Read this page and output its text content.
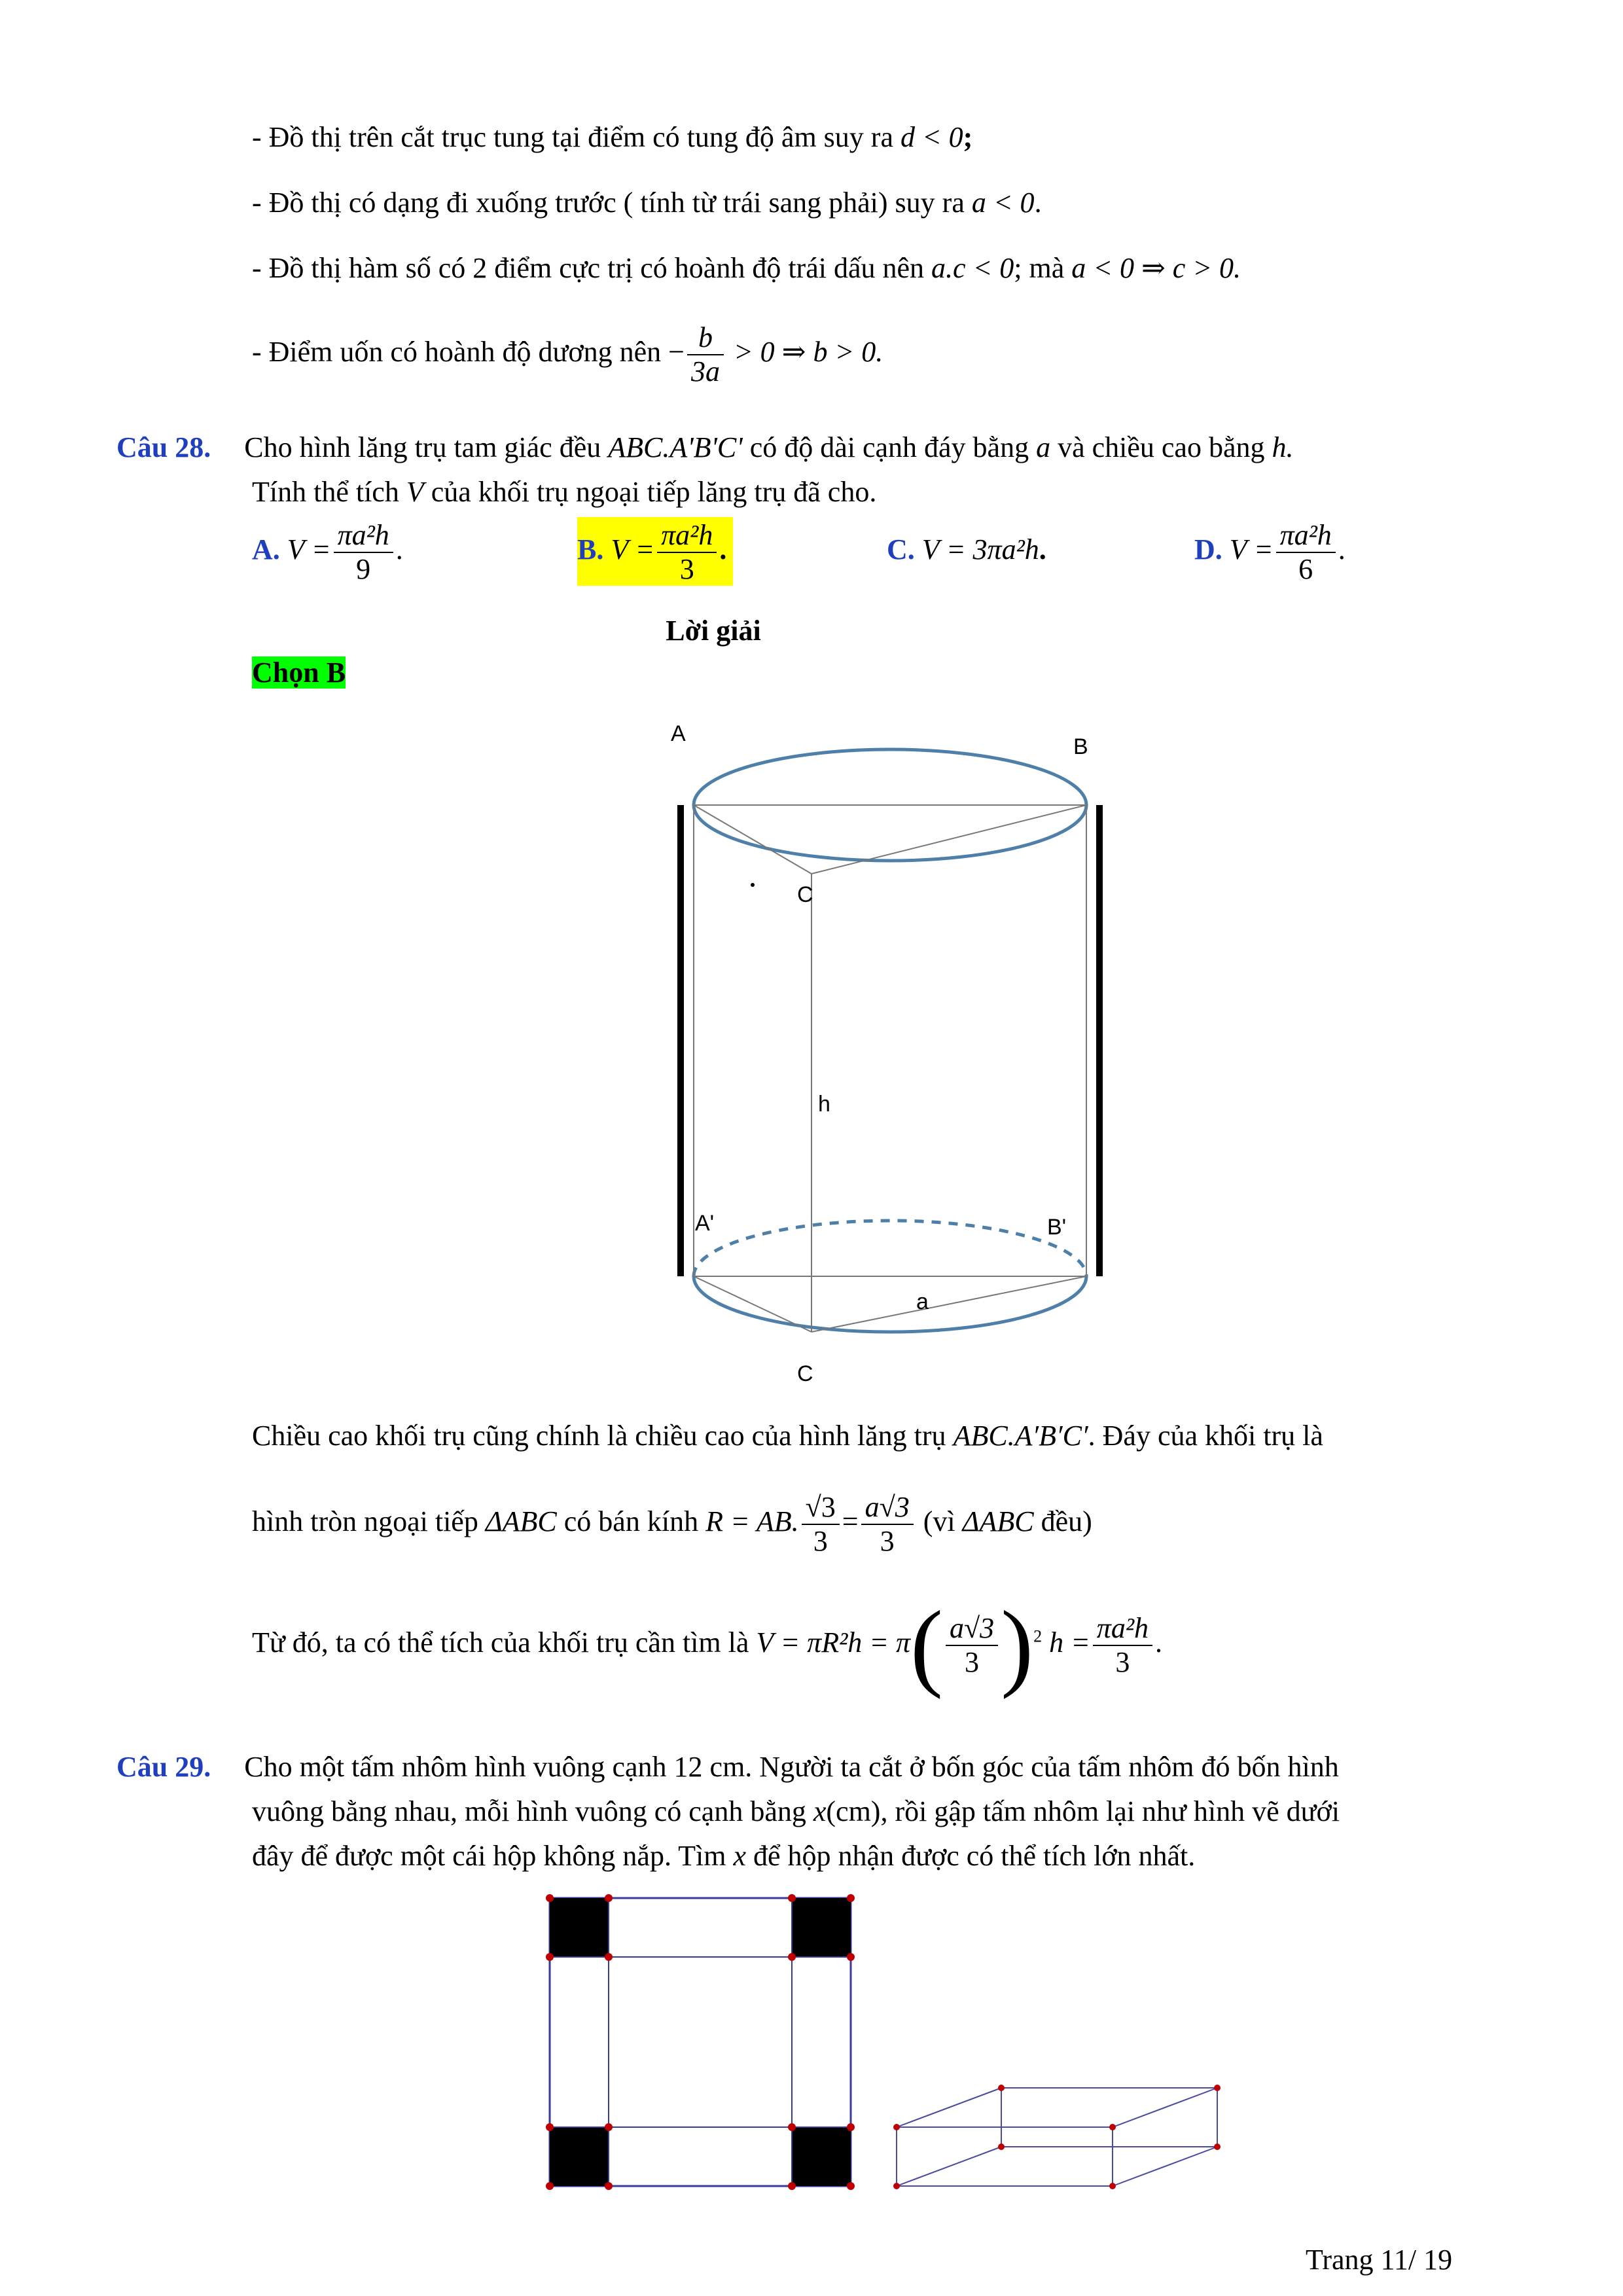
- Đồ thị trên cắt trục tung tại điểm có tung độ âm suy ra d < 0;
- Đồ thị có dạng đi xuống trước ( tính từ trái sang phải) suy ra a < 0.
- Đồ thị hàm số có 2 điểm cực trị có hoành độ trái dấu nên a.c < 0; mà a < 0 ⇒ c > 0.
- Điểm uốn có hoành độ dương nên − $\frac{b}{3a} > 0$ ⇒ b > 0.
Câu 28. Cho hình lăng trụ tam giác đều ABC.A'B'C' có độ dài cạnh đáy bằng a và chiều cao bằng h.
Tính thể tích V của khối trụ ngoại tiếp lăng trụ đã cho.
A. $V = \frac{\text{πa²h}}{9}$ .	B. $V = \frac{\text{πa²h}}{3}$ .	C. V = 3πa²h.	D. $V = \frac{\text{πa²h}}{6}$ .
Lời giải
Chọn B
A
B
C
h
A'	B'
a
C
Chiều cao khối trụ cũng chính là chiều cao của hình lăng trụ ABC.A′B′C′. Đáy của khối trụ là
hình tròn ngoại tiếp ΔABC có bán kính R = AB. $\frac{√3}{3} = \frac{a√3}{3}$ (vì ΔABC đều)
Từ đó, ta có thể tích của khối trụ cần tìm là $V = \pi R^2h = \pi( \frac{a√3}{3} )^2$ $h = \frac{\text{πa²h}}{3}$ .
Câu 29. Cho một tấm nhôm hình vuông cạnh 12 cm. Người ta cắt ở bốn góc của tấm nhôm đó bốn hình
vuông bằng nhau, mỗi hình vuông có cạnh bằng x(cm), rồi gập tấm nhôm lại như hình vẽ dưới
đây để được một cái hộp không nắp. Tìm x để hộp nhận được có thể tích lớn nhất.
Trang 11/ 19
